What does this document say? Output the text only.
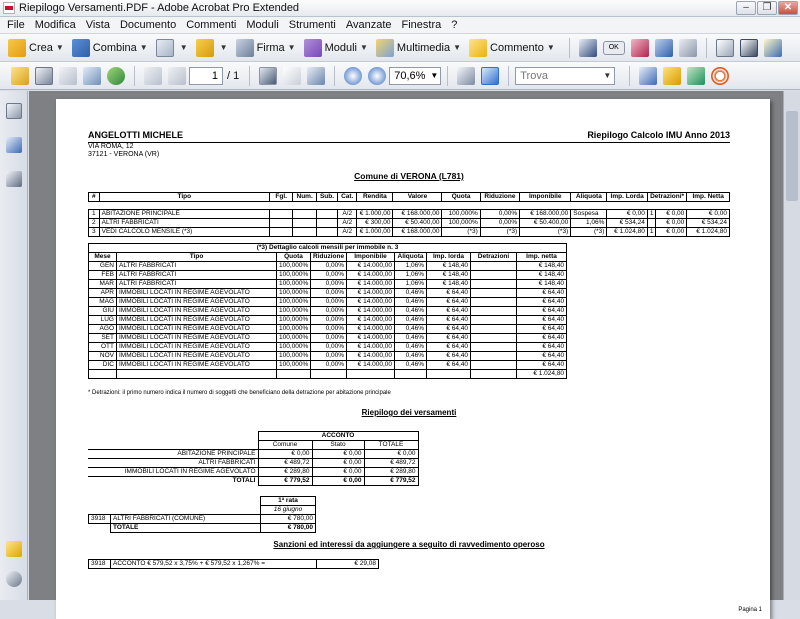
Riepilogo Versamenti.PDF - Adobe Acrobat Pro Extended	–	❐	✕
File Modifica Vista Documento Commenti Moduli Strumenti Avanzate Finestra ?
Crea ▼	Combina ▼	▼	▼	Firma ▼	Moduli ▼	Multimedia ▼	Commento ▼	OK
1
/ 1	70,6% ▼	Trova	▼
ANGELOTTI MICHELE	Riepilogo Calcolo IMU Anno 2013
VIA ROMA, 12
37121 - VERONA (VR)
Comune di VERONA (L781)
#	Tipo	Fgl.	Num.	Sub.	Cat.	Rendita	Valore	Quota	Riduzione	Imponibile	Aliquota	Imp. Lorda	Detrazioni*		Imp. Netta

1	ABITAZIONE PRINCIPALE				A/2	€ 1.000,00	€ 168.000,00	100,000%	0,00%	€ 168.000,00	Sospesa	€ 0,00	1	€ 0,00	€ 0,00
2	ALTRI FABBRICATI				A/2	€ 300,00	€ 50.400,00	100,000%	0,00%	€ 50.400,00	1,06%	€ 534,24		€ 0,00	€ 534,24
3	VEDI CALCOLO MENSILE (*3)				A/2	€ 1.000,00	€ 168.000,00	(*3)	(*3)	(*3)	(*3)	€ 1.024,80	1	€ 0,00	€ 1.024,80
(*3) Dettaglio calcoli mensili per immobile n. 3								
Mese	Tipo	Quota	Riduzione	Imponibile	Aliquota	Imp. lorda	Detrazioni	Imp. netta
GEN	ALTRI FABBRICATI	100,000%	0,00%	€ 14.000,00	1,06%	€ 148,40		€ 148,40
FEB	ALTRI FABBRICATI	100,000%	0,00%	€ 14.000,00	1,06%	€ 148,40		€ 148,40
MAR	ALTRI FABBRICATI	100,000%	0,00%	€ 14.000,00	1,06%	€ 148,40		€ 148,40
APR	IMMOBILI LOCATI IN REGIME AGEVOLATO	100,000%	0,00%	€ 14.000,00	0,46%	€ 64,40		€ 64,40
MAG	IMMOBILI LOCATI IN REGIME AGEVOLATO	100,000%	0,00%	€ 14.000,00	0,46%	€ 64,40		€ 64,40
GIU	IMMOBILI LOCATI IN REGIME AGEVOLATO	100,000%	0,00%	€ 14.000,00	0,46%	€ 64,40		€ 64,40
LUG	IMMOBILI LOCATI IN REGIME AGEVOLATO	100,000%	0,00%	€ 14.000,00	0,46%	€ 64,40		€ 64,40
AGO	IMMOBILI LOCATI IN REGIME AGEVOLATO	100,000%	0,00%	€ 14.000,00	0,46%	€ 64,40		€ 64,40
SET	IMMOBILI LOCATI IN REGIME AGEVOLATO	100,000%	0,00%	€ 14.000,00	0,46%	€ 64,40		€ 64,40
OTT	IMMOBILI LOCATI IN REGIME AGEVOLATO	100,000%	0,00%	€ 14.000,00	0,46%	€ 64,40		€ 64,40
NOV	IMMOBILI LOCATI IN REGIME AGEVOLATO	100,000%	0,00%	€ 14.000,00	0,46%	€ 64,40		€ 64,40
DIC	IMMOBILI LOCATI IN REGIME AGEVOLATO	100,000%	0,00%	€ 14.000,00	0,46%	€ 64,40		€ 64,40
								€ 1.024,80
* Detrazioni: il primo numero indica il numero di soggetti che beneficiano della detrazione per abitazione principale
Riepilogo dei versamenti
	ACCONTO		
	Comune	Stato	TOTALE
ABITAZIONE PRINCIPALE	€ 0,00	€ 0,00	€ 0,00
ALTRI FABBRICATI	€ 489,72	€ 0,00	€ 489,72
IMMOBILI LOCATI IN REGIME AGEVOLATO	€ 289,80	€ 0,00	€ 289,80
TOTALI	€ 779,52	€ 0,00	€ 779,52
		1ª rata
		16 giugno
3918	ALTRI FABBRICATI (COMUNE)	€ 780,00
	TOTALE	€ 780,00
Sanzioni ed interessi da aggiungere a seguito di ravvedimento operoso
3918	ACCONTO € 579,52 x 3,75% + € 579,52 x 1,267% =	€ 29,08
Pagina 1
